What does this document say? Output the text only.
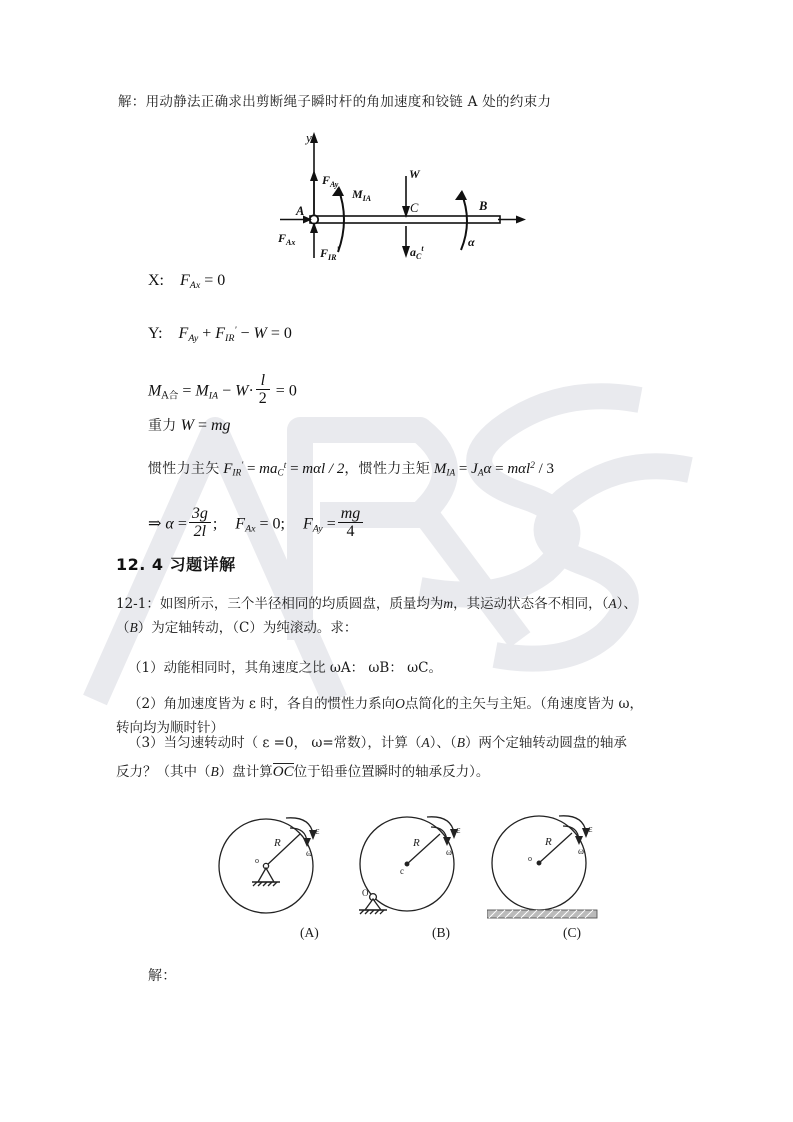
解：用动静法正确求出剪断绳子瞬时杆的角加速度和铰链 A 处的约束力
y
A	B
C
$F_{Ax}$
$F_{Ay}$
$F_{IR}'$
$M_{IA}$
W
$a_C^t$	α
X: $F_{Ax} = 0$
Y: $F_{Ay} + F_{IR}' - W = 0$
$M_{A合} = M_{IA} - W\cdot \frac{l}{2} = 0$
重力 W = mg
惯性力主矢 $F_{IR}' = ma_C^t = m\alpha l / 2$，惯性力主矩 $M_{IA} = J_A\alpha = m\alpha l^2 / 3$
⇒ $\alpha = \frac{3g}{2l}$ ; $F_{Ax} = 0$; $F_{Ay} = \frac{mg}{4}$
12. 4 习题详解
12-1：如图所示，三个半径相同的均质圆盘，质量均为m，其运动状态各不相同，（A）、
（B）为定轴转动，（C）为纯滚动。求：
（1）动能相同时，其角速度之比 ωA： ωB： ωC。
（2）角加速度皆为 ε 时，各自的惯性力系向O点简化的主矢与主矩。（角速度皆为 ω，
转向均为顺时针）
（3）当匀速转动时（ ε =0， ω=常数），计算（A）、（B）两个定轴转动圆盘的轴承
反力？（其中（B）盘计算OC位于铅垂位置瞬时的轴承反力）。
R
o
ε
ω
R
c
O
ε
ω
R
o
ε
ω
(A)	(B)	(C)
解：
